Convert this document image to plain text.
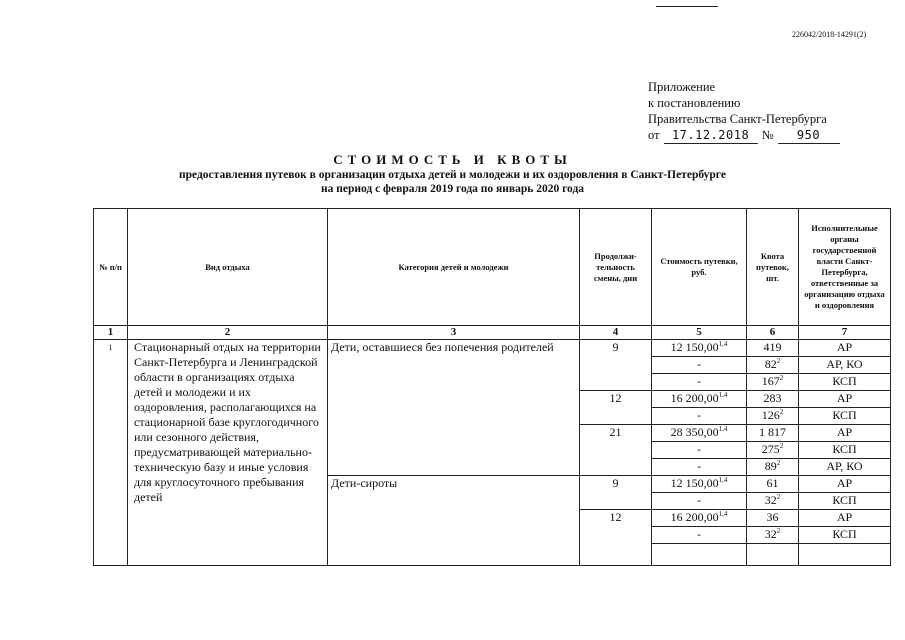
226042/2018-14291(2)
Приложение
к постановлению
Правительства Санкт-Петербурга
от	17.12.2018 №	950
СТОИМОСТЬ И КВОТЫ
предоставления путевок в организации отдыха детей и молодежи и их оздоровления в Санкт-Петербурге
на период с февраля 2019 года по январь 2020 года
№ п/п	Вид отдыха	Категория детей и молодежи	Продолжи-тельность смены, дни	Стоимость путевки, руб.	Квота путевок, шт.	Исполнительные органы государственной власти Санкт-Петербурга, ответственные за организацию отдыха и оздоровления
1	2	3	4	5	6	7
1	Стационарный отдых на территории Санкт-Петербурга и Ленинградской области в организациях отдыха детей и молодежи и их оздоровления, располагающихся на стационарной базе круглогодичного или сезонного действия, предусматривающей материально-техническую базу и иные условия для круглосуточного пребывания детей	Дети, оставшиеся без попечения родителей	9	12 150,00$^{1,4}$	419	АР
				-	$82^2$	АР, КО
				-	$167^2$	КСП
			12	16 200,00$^{1,4}$	283	АР
				-	$126^2$	КСП
			21	28 350,00$^{1,4}$	1 817	АР
				-	$275^2$	КСП
				-	$89^2$	АР, КО
		Дети-сироты	9	12 150,00$^{1,4}$	61	АР
				-	$32^2$	КСП
			12	16 200,00$^{1,4}$	36	АР
				-	$32^2$	КСП
